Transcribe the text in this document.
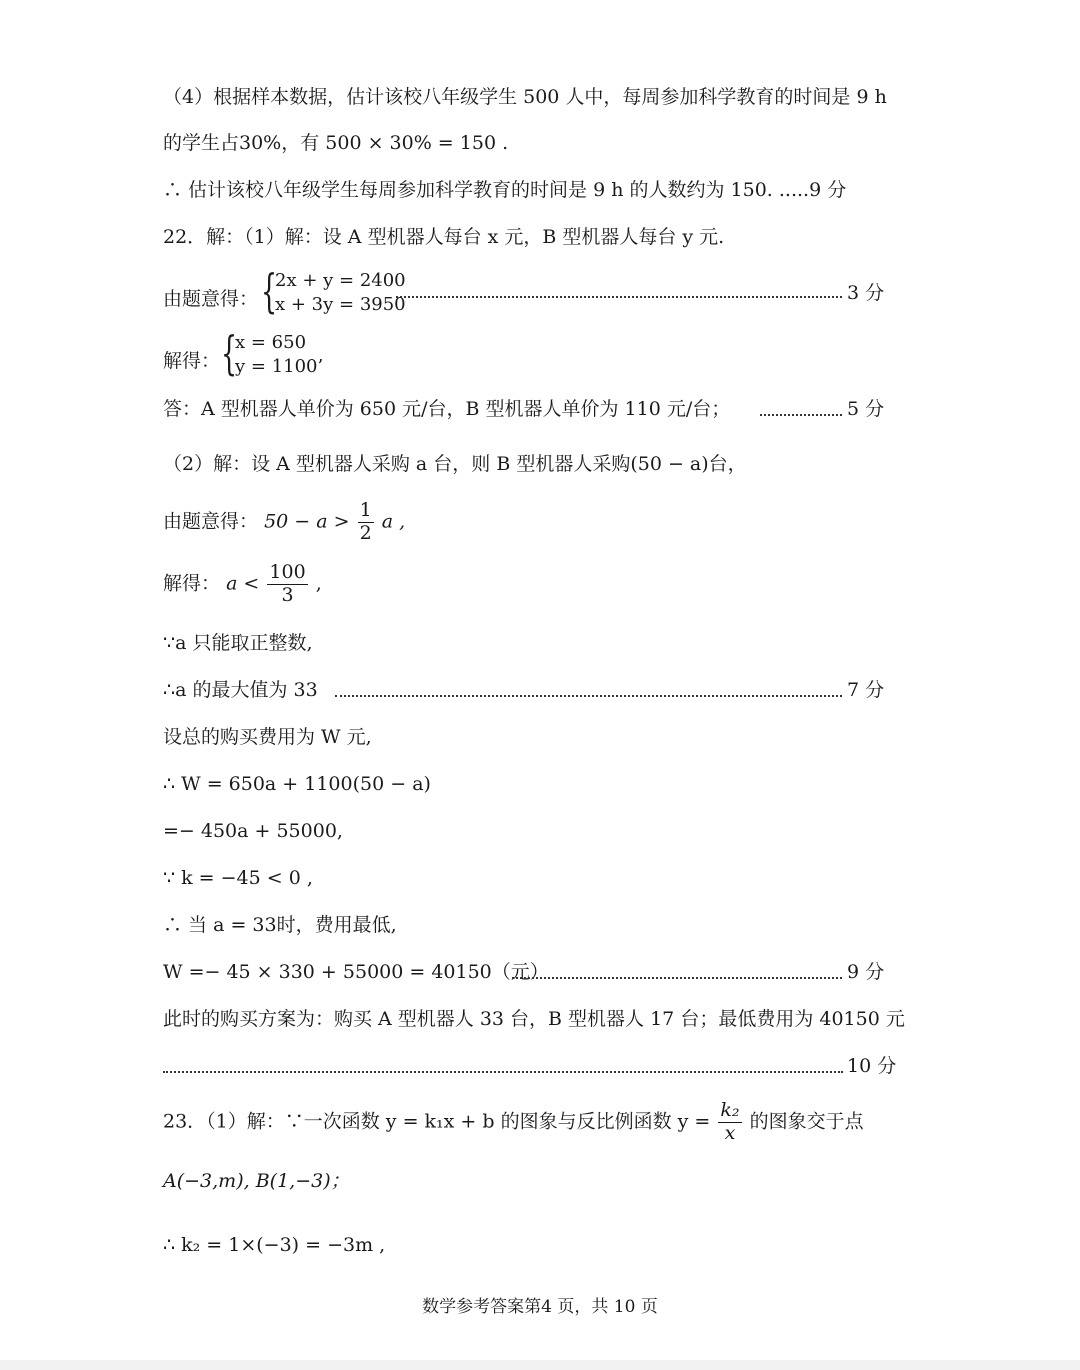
（4）根据样本数据，估计该校八年级学生 500 人中，每周参加科学教育的时间是 9 h
的学生占30%，有 500 × 30% = 150 .
∴ 估计该校八年级学生每周参加科学教育的时间是 9 h 的人数约为 150. .....9 分
22．解：（1）解：设 A 型机器人每台 x 元，B 型机器人每台 y 元.
由题意得： {
2x + y = 2400
x + 3y = 3950
3 分
解得： {
x = 650
y = 1100’
答：A 型机器人单价为 650 元/台，B 型机器人单价为 110 元/台；	5 分
（2）解：设 A 型机器人采购 a 台，则 B 型机器人采购(50 − a)台，
由题意得： $50 - a > \frac{1}{2}$ a ,
解得： $a < \frac{100}{3}$ ,
∵a 只能取正整数,
∴a 的最大值为 33	7 分
设总的购买费用为 W 元,
∴ W = 650a + 1100(50 − a)
=− 450a + 55000,
∵ k = −45 < 0 ,
∴ 当 a = 33时，费用最低,
W =− 45 × 330 + 55000 = 40150（元）	9 分
此时的购买方案为：购买 A 型机器人 33 台，B 型机器人 17 台；最低费用为 40150 元
10 分
23．（1）解：∵一次函数 y = k₁x + b 的图象与反比例函数 $y = \frac{\text{k₂}}{x}$ 的图象交于点
A(−3,m), B(1,−3)；
∴ k₂ = 1×(−3) = −3m ,
数学参考答案第4 页，共 10 页
